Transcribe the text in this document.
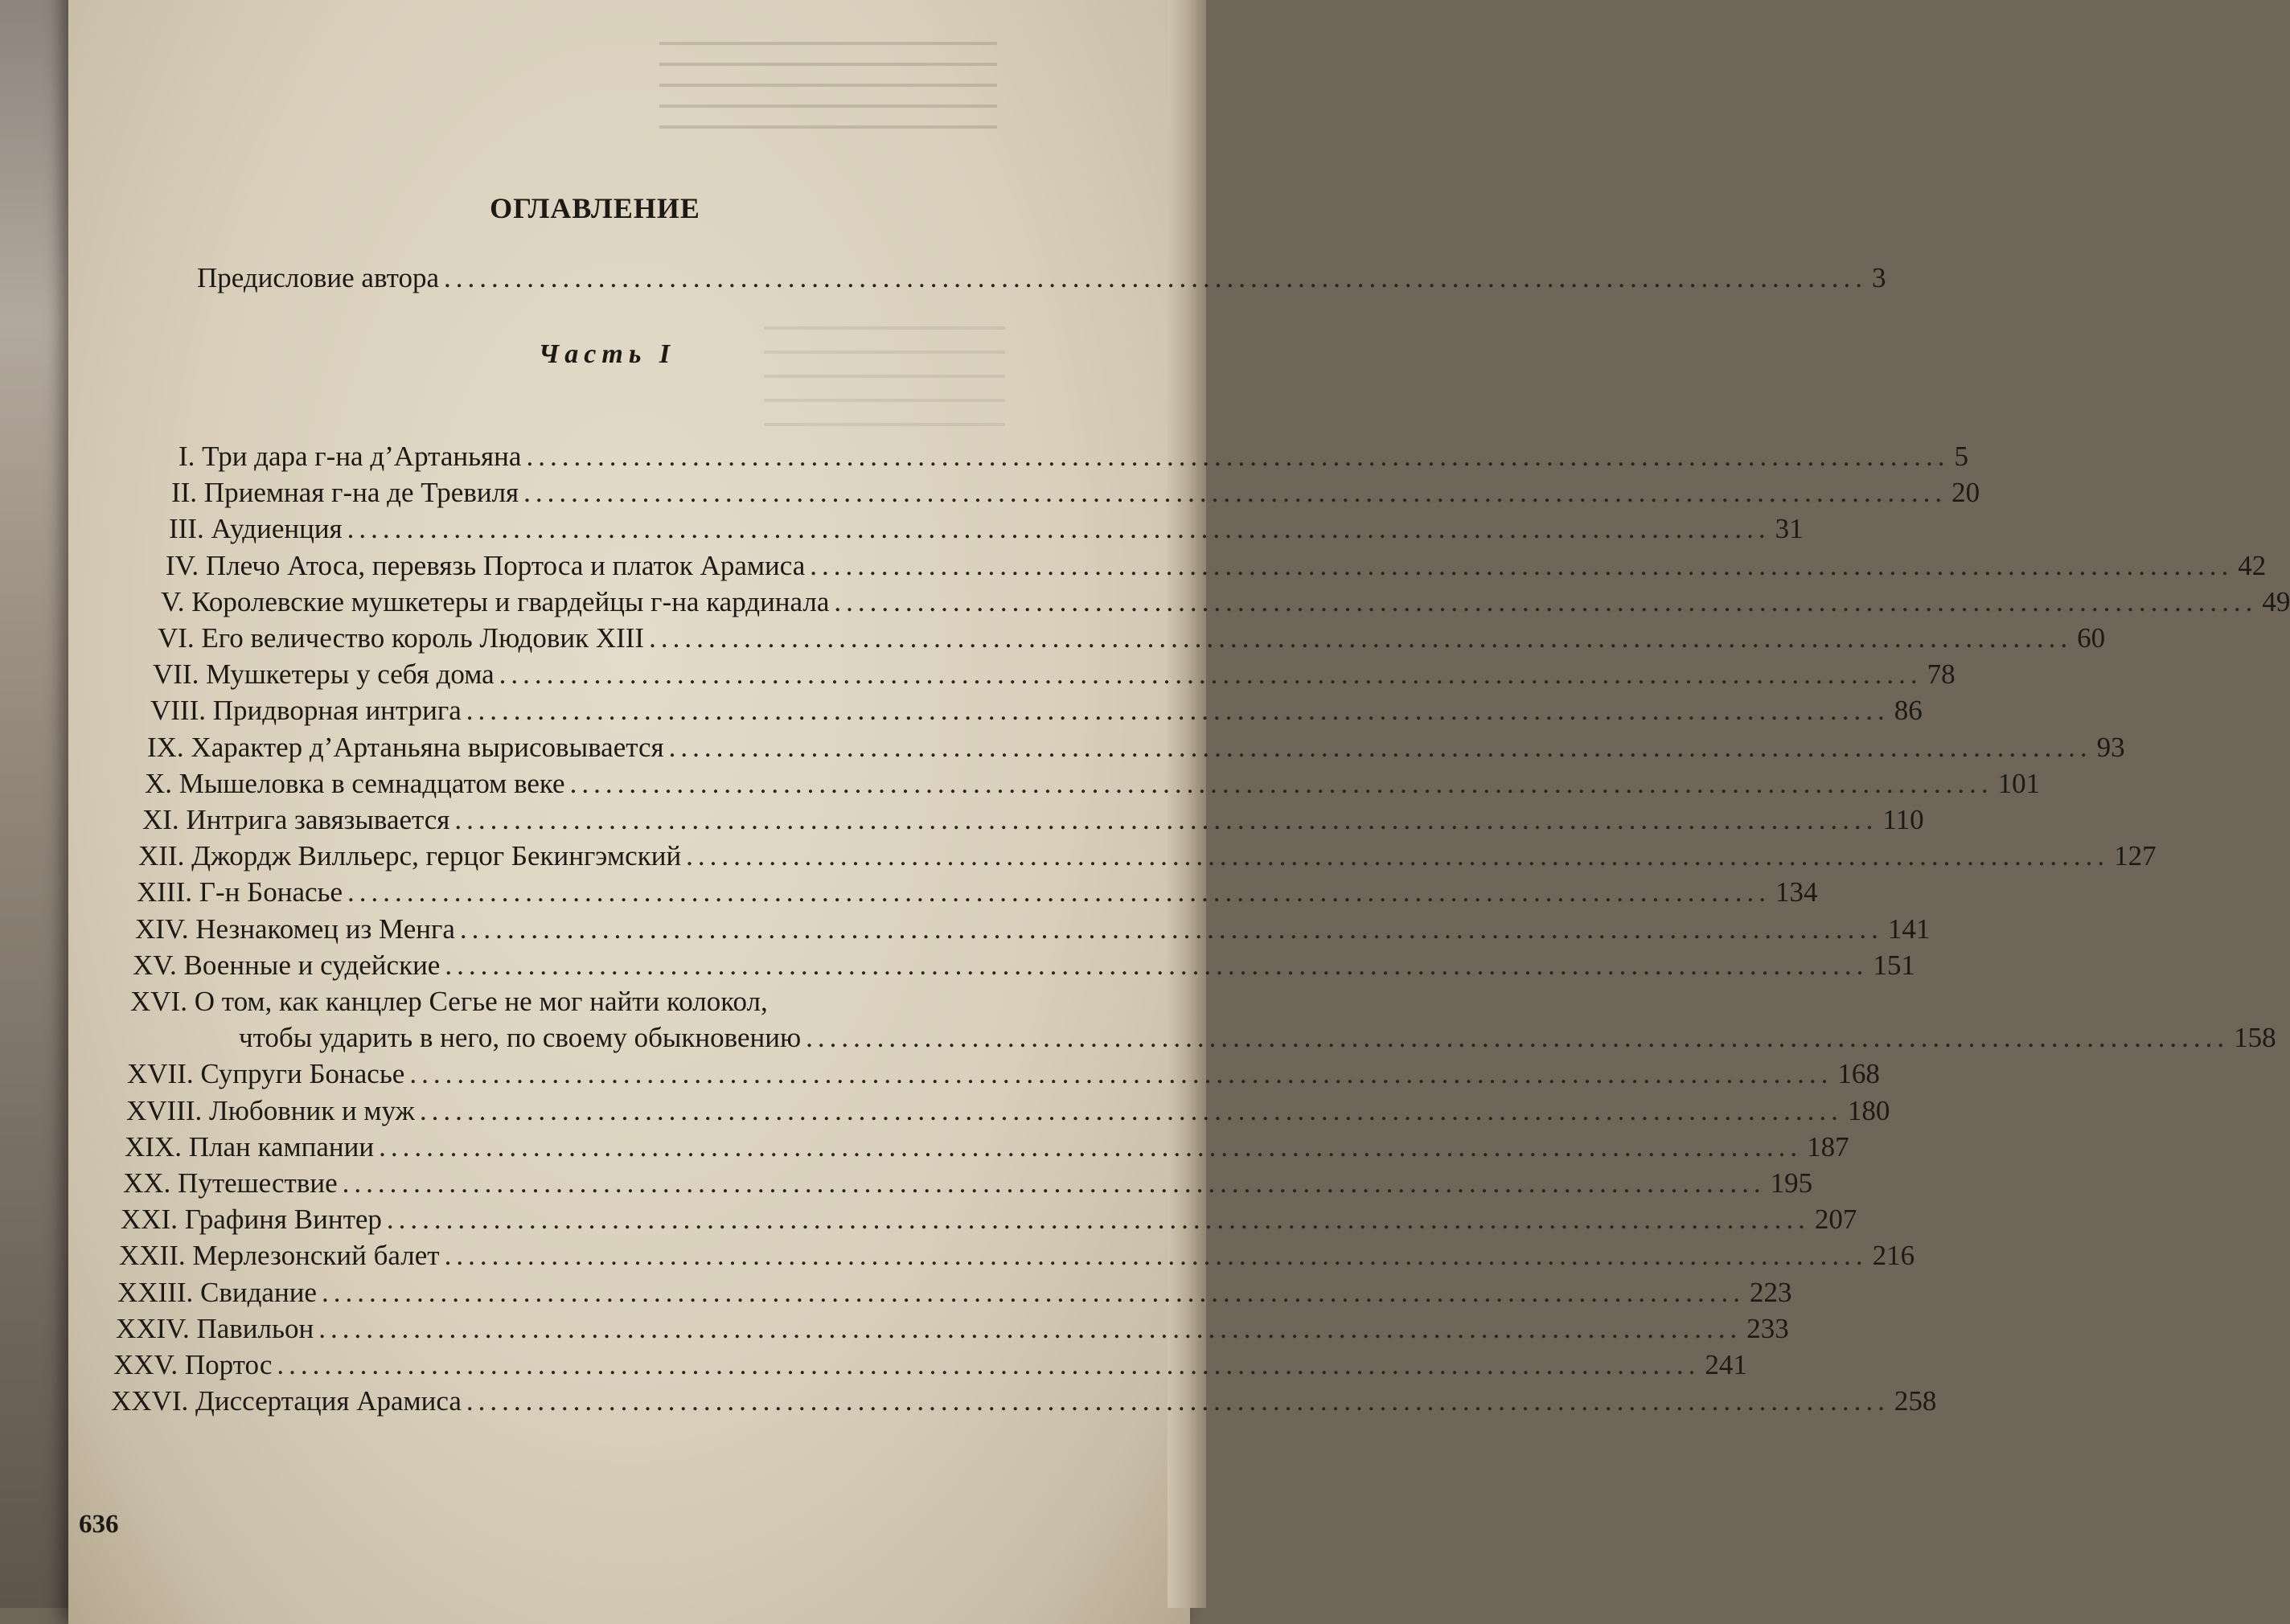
ОГЛАВЛЕНИЕ
Предисловие автора ........................................................................................................................ 3
Часть I
I. Три дара г-на д’Артаньяна ........................................................................................................................ 5
II. Приемная г-на де Тревиля ........................................................................................................................ 20
III. Аудиенция ........................................................................................................................ 31
IV. Плечо Атоса, перевязь Портоса и платок Арамиса ........................................................................................................................ 42
V. Королевские мушкетеры и гвардейцы г-на кардинала ........................................................................................................................ 49
VI. Его величество король Людовик XIII ........................................................................................................................ 60
VII. Мушкетеры у себя дома ........................................................................................................................ 78
VIII. Придворная интрига ........................................................................................................................ 86
IX. Характер д’Артаньяна вырисовывается ........................................................................................................................ 93
X. Мышеловка в семнадцатом веке ........................................................................................................................ 101
XI. Интрига завязывается ........................................................................................................................ 110
XII. Джордж Вилльерс, герцог Бекингэмский ........................................................................................................................ 127
XIII. Г-н Бонасье ........................................................................................................................ 134
XIV. Незнакомец из Менга ........................................................................................................................ 141
XV. Военные и судейские ........................................................................................................................ 151
XVI. О том, как канцлер Сегье не мог найти колокол,
чтобы ударить в него, по своему обыкновению ........................................................................................................................ 158
XVII. Супруги Бонасье ........................................................................................................................ 168
XVIII. Любовник и муж ........................................................................................................................ 180
XIX. План кампании ........................................................................................................................ 187
XX. Путешествие ........................................................................................................................ 195
XXI. Графиня Винтер ........................................................................................................................ 207
XXII. Мерлезонский балет ........................................................................................................................ 216
XXIII. Свидание ........................................................................................................................ 223
XXIV. Павильон ........................................................................................................................ 233
XXV. Портос ........................................................................................................................ 241
XXVI. Диссертация Арамиса ........................................................................................................................ 258
636
